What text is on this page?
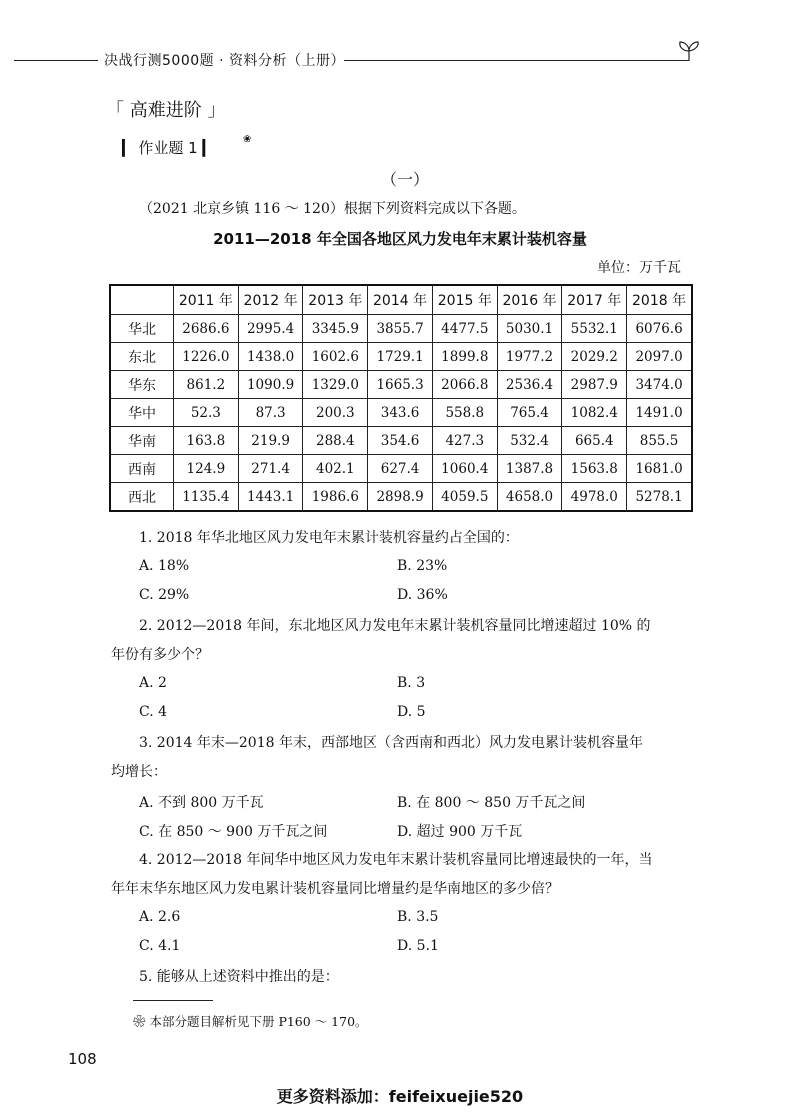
决战行测5000题 · 资料分析（上册）
「 高难进阶 」
▎ 作业题 1 ▎	❀
（一）
（2021 北京乡镇 116 ～ 120）根据下列资料完成以下各题。
2011—2018 年全国各地区风力发电年末累计装机容量
单位：万千瓦
	2011 年	2012 年	2013 年	2014 年	2015 年	2016 年	2017 年	2018 年
华北	2686.6	2995.4	3345.9	3855.7	4477.5	5030.1	5532.1	6076.6
东北	1226.0	1438.0	1602.6	1729.1	1899.8	1977.2	2029.2	2097.0
华东	861.2	1090.9	1329.0	1665.3	2066.8	2536.4	2987.9	3474.0
华中	52.3	87.3	200.3	343.6	558.8	765.4	1082.4	1491.0
华南	163.8	219.9	288.4	354.6	427.3	532.4	665.4	855.5
西南	124.9	271.4	402.1	627.4	1060.4	1387.8	1563.8	1681.0
西北	1135.4	1443.1	1986.6	2898.9	4059.5	4658.0	4978.0	5278.1
1. 2018 年华北地区风力发电年末累计装机容量约占全国的：
A. 18%	B. 23%
C. 29%	D. 36%
2. 2012—2018 年间，东北地区风力发电年末累计装机容量同比增速超过 10% 的
年份有多少个？
A. 2	B. 3
C. 4	D. 5
3. 2014 年末—2018 年末，西部地区（含西南和西北）风力发电累计装机容量年
均增长：
A. 不到 800 万千瓦	B. 在 800 ～ 850 万千瓦之间
C. 在 850 ～ 900 万千瓦之间	D. 超过 900 万千瓦
4. 2012—2018 年间华中地区风力发电年末累计装机容量同比增速最快的一年，当
年年末华东地区风力发电累计装机容量同比增量约是华南地区的多少倍？
A. 2.6	B. 3.5
C. 4.1	D. 5.1
5. 能够从上述资料中推出的是：
❀ 本部分题目解析见下册 P160 ～ 170。
108
更多资料添加：feifeixuejie520
